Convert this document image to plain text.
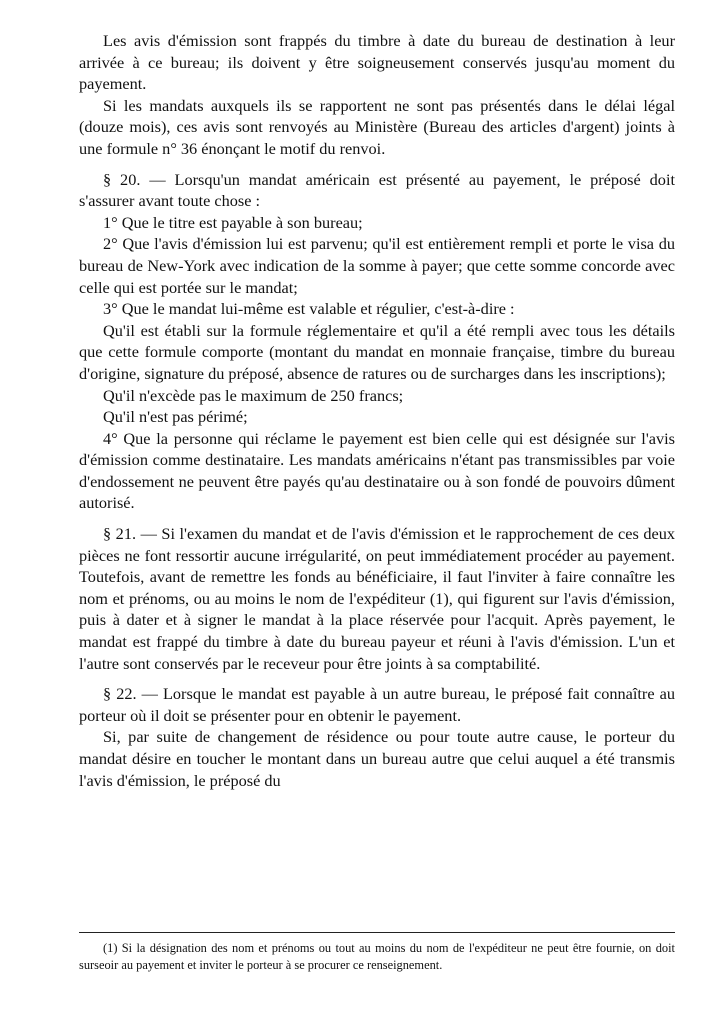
Les avis d'émission sont frappés du timbre à date du bureau de destination à leur arrivée à ce bureau; ils doivent y être soigneusement conservés jusqu'au moment du payement.

Si les mandats auxquels ils se rapportent ne sont pas présentés dans le délai légal (douze mois), ces avis sont renvoyés au Ministère (Bureau des articles d'argent) joints à une formule n° 36 énonçant le motif du renvoi.

§ 20. — Lorsqu'un mandat américain est présenté au payement, le préposé doit s'assurer avant toute chose :

1° Que le titre est payable à son bureau;

2° Que l'avis d'émission lui est parvenu; qu'il est entièrement rempli et porte le visa du bureau de New-York avec indication de la somme à payer; que cette somme concorde avec celle qui est portée sur le mandat;

3° Que le mandat lui-même est valable et régulier, c'est-à-dire :

Qu'il est établi sur la formule réglementaire et qu'il a été rempli avec tous les détails que cette formule comporte (montant du mandat en monnaie française, timbre du bureau d'origine, signature du préposé, absence de ratures ou de surcharges dans les inscriptions);

Qu'il n'excède pas le maximum de 250 francs;

Qu'il n'est pas périmé;

4° Que la personne qui réclame le payement est bien celle qui est désignée sur l'avis d'émission comme destinataire. Les mandats américains n'étant pas transmissibles par voie d'endossement ne peuvent être payés qu'au destinataire ou à son fondé de pouvoirs dûment autorisé.

§ 21. — Si l'examen du mandat et de l'avis d'émission et le rapprochement de ces deux pièces ne font ressortir aucune irrégularité, on peut immédiatement procéder au payement. Toutefois, avant de remettre les fonds au bénéficiaire, il faut l'inviter à faire connaître les nom et prénoms, ou au moins le nom de l'expéditeur (1), qui figurent sur l'avis d'émission, puis à dater et à signer le mandat à la place réservée pour l'acquit. Après payement, le mandat est frappé du timbre à date du bureau payeur et réuni à l'avis d'émission. L'un et l'autre sont conservés par le receveur pour être joints à sa comptabilité.

§ 22. — Lorsque le mandat est payable à un autre bureau, le préposé fait connaître au porteur où il doit se présenter pour en obtenir le payement.

Si, par suite de changement de résidence ou pour toute autre cause, le porteur du mandat désire en toucher le montant dans un bureau autre que celui auquel a été transmis l'avis d'émission, le préposé du

(1) Si la désignation des nom et prénoms ou tout au moins du nom de l'expéditeur ne peut être fournie, on doit surseoir au payement et inviter le porteur à se procurer ce renseignement.
